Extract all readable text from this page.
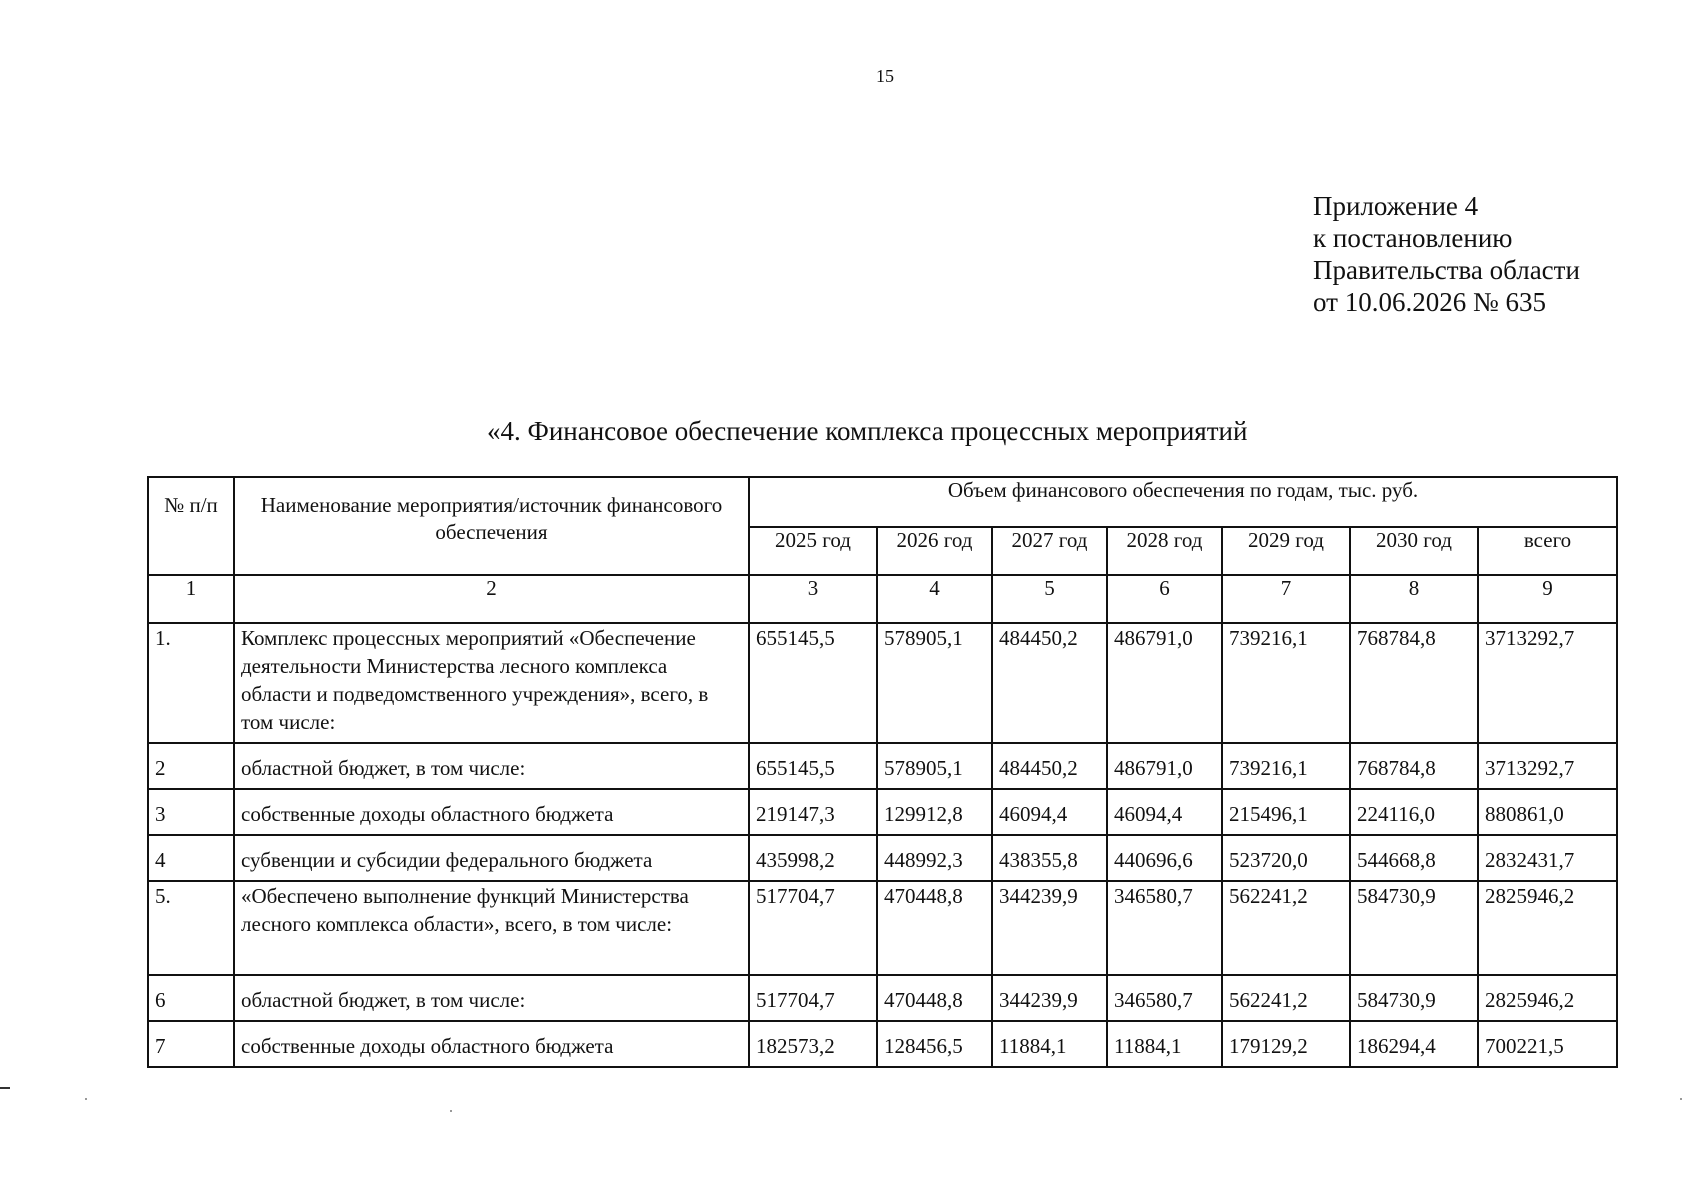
15
Приложение 4
к постановлению
Правительства области
от 10.06.2026 № 635
«4. Финансовое обеспечение комплекса процессных мероприятий
№ п/п	Наименование мероприятия/источник финансового обеспечения	Объем финансового обеспечения по годам, тыс. руб.						
		2025 год	2026 год	2027 год	2028 год	2029 год	2030 год	всего
1	2	3	4	5	6	7	8	9
1.	Комплекс процессных мероприятий «Обеспечение деятельности Министерства лесного комплекса области и подведомственного учреждения», всего, в том числе:	655145,5	578905,1	484450,2	486791,0	739216,1	768784,8	3713292,7
2	областной бюджет, в том числе:	655145,5	578905,1	484450,2	486791,0	739216,1	768784,8	3713292,7
3	собственные доходы областного бюджета	219147,3	129912,8	46094,4	46094,4	215496,1	224116,0	880861,0
4	субвенции и субсидии федерального бюджета	435998,2	448992,3	438355,8	440696,6	523720,0	544668,8	2832431,7
5.	«Обеспечено выполнение функций Министерства лесного комплекса области», всего, в том числе:	517704,7	470448,8	344239,9	346580,7	562241,2	584730,9	2825946,2
6	областной бюджет, в том числе:	517704,7	470448,8	344239,9	346580,7	562241,2	584730,9	2825946,2
7	собственные доходы областного бюджета	182573,2	128456,5	11884,1	11884,1	179129,2	186294,4	700221,5
